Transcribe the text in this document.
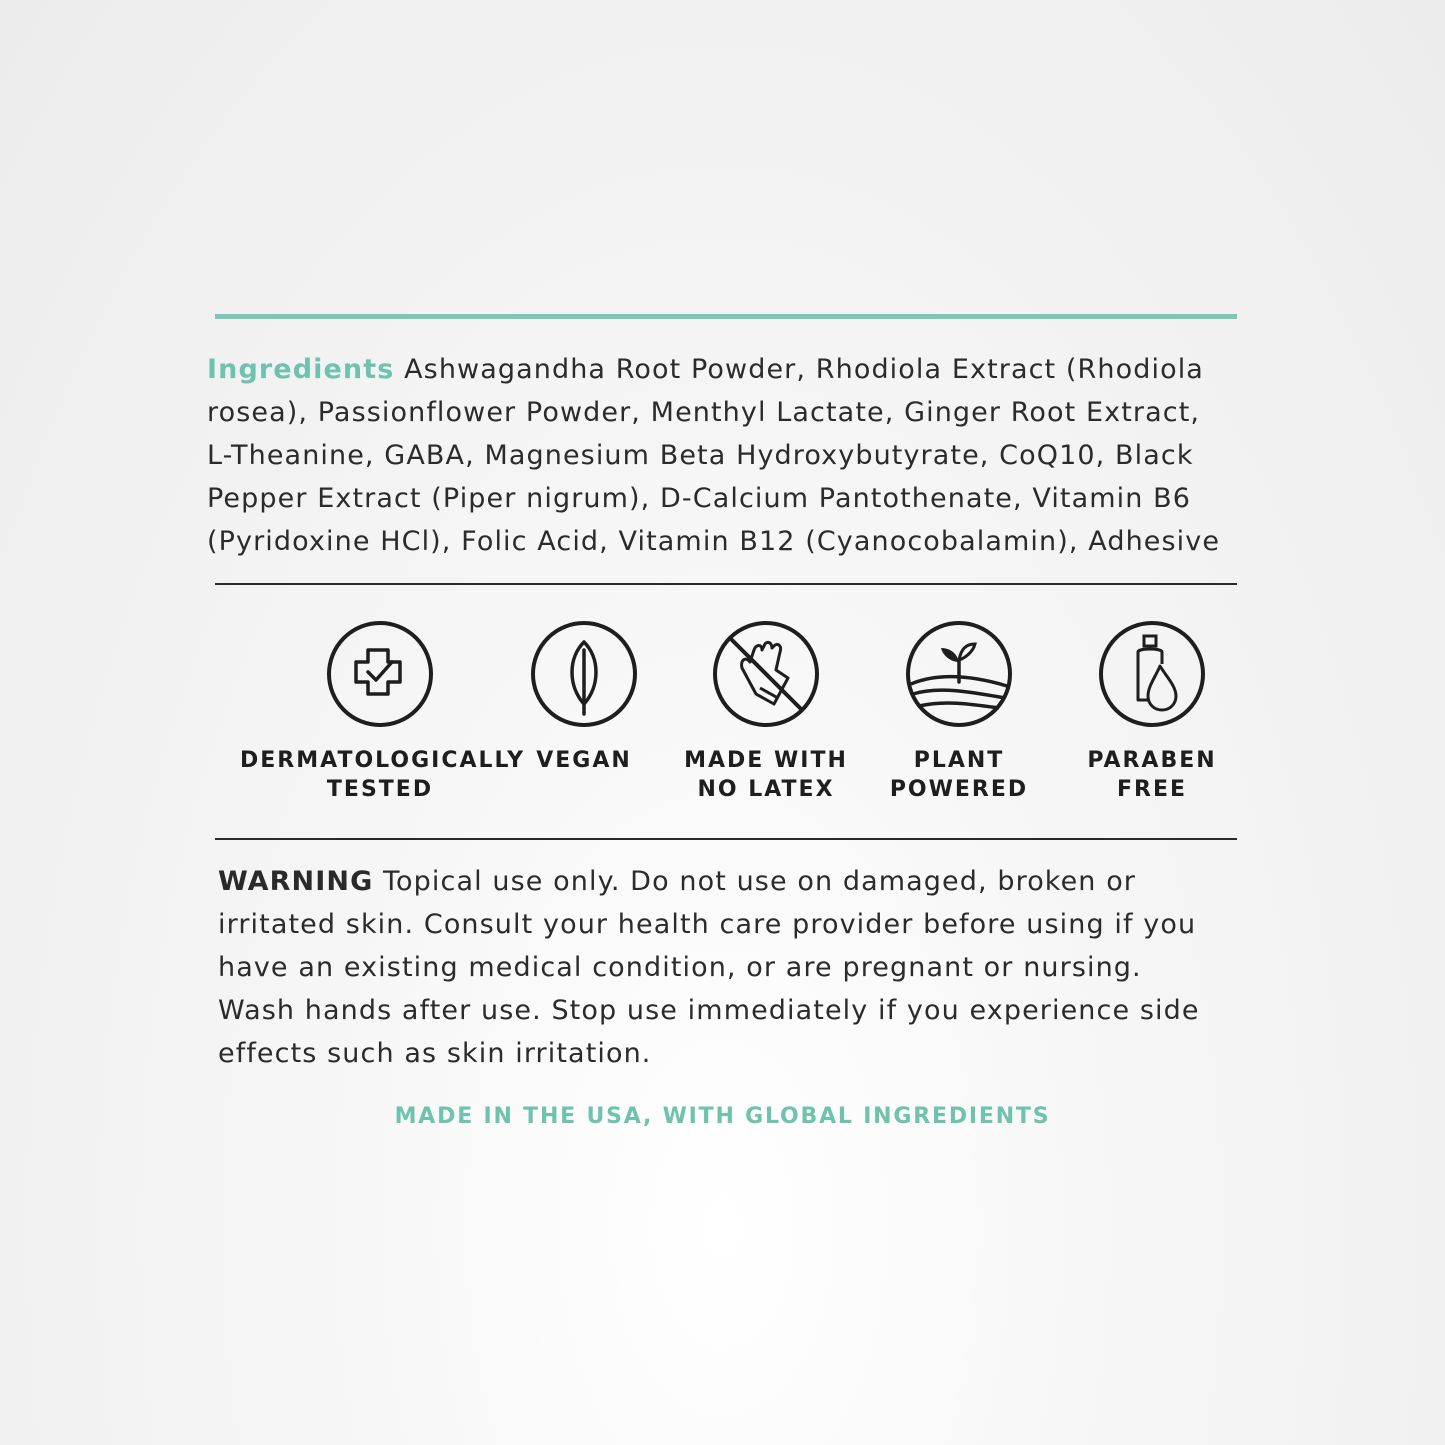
Ingredients Ashwagandha Root Powder, Rhodiola Extract (Rhodiola
rosea), Passionflower Powder, Menthyl Lactate, Ginger Root Extract,
L-Theanine, GABA, Magnesium Beta Hydroxybutyrate, CoQ10, Black
Pepper Extract (Piper nigrum), D-Calcium Pantothenate, Vitamin B6
(Pyridoxine HCl), Folic Acid, Vitamin B12 (Cyanocobalamin), Adhesive
DERMATOLOGICALLY
TESTED
VEGAN	MADE WITH
NO LATEX
PLANT
POWERED
PARABEN
FREE
WARNING Topical use only. Do not use on damaged, broken or
irritated skin. Consult your health care provider before using if you
have an existing medical condition, or are pregnant or nursing.
Wash hands after use. Stop use immediately if you experience side
effects such as skin irritation.
MADE IN THE USA, WITH GLOBAL INGREDIENTS
